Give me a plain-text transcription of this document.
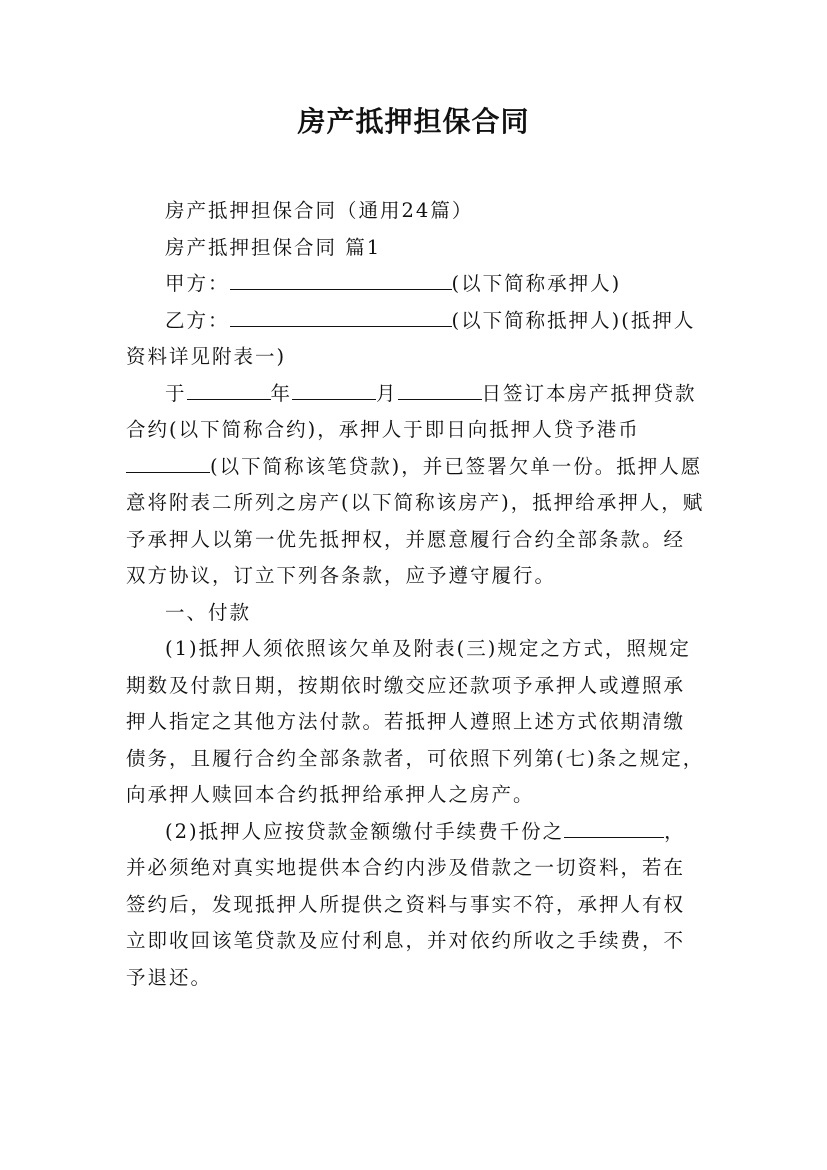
房产抵押担保合同

房产抵押担保合同（通用24篇）

房产抵押担保合同 篇1

甲方：	(以下简称承押人)

乙方：	(以下简称抵押人)(抵押人资料详见附表一)

于	年	月	日签订本房产抵押贷款合约(以下简称合约)，承押人于即日向抵押人贷予港币(以下简称该笔贷款)，并已签署欠单一份。抵押人愿意将附表二所列之房产(以下简称该房产)，抵押给承押人，赋予承押人以第一优先抵押权，并愿意履行合约全部条款。经双方协议，订立下列各条款，应予遵守履行。

一、付款

(1)抵押人须依照该欠单及附表(三)规定之方式，照规定期数及付款日期，按期依时缴交应还款项予承押人或遵照承押人指定之其他方法付款。若抵押人遵照上述方式依期清缴债务，且履行合约全部条款者，可依照下列第(七)条之规定，向承押人赎回本合约抵押给承押人之房产。

(2)抵押人应按贷款金额缴付手续费千份之	，并必须绝对真实地提供本合约内涉及借款之一切资料，若在签约后，发现抵押人所提供之资料与事实不符，承押人有权立即收回该笔贷款及应付利息，并对依约所收之手续费，不予退还。
